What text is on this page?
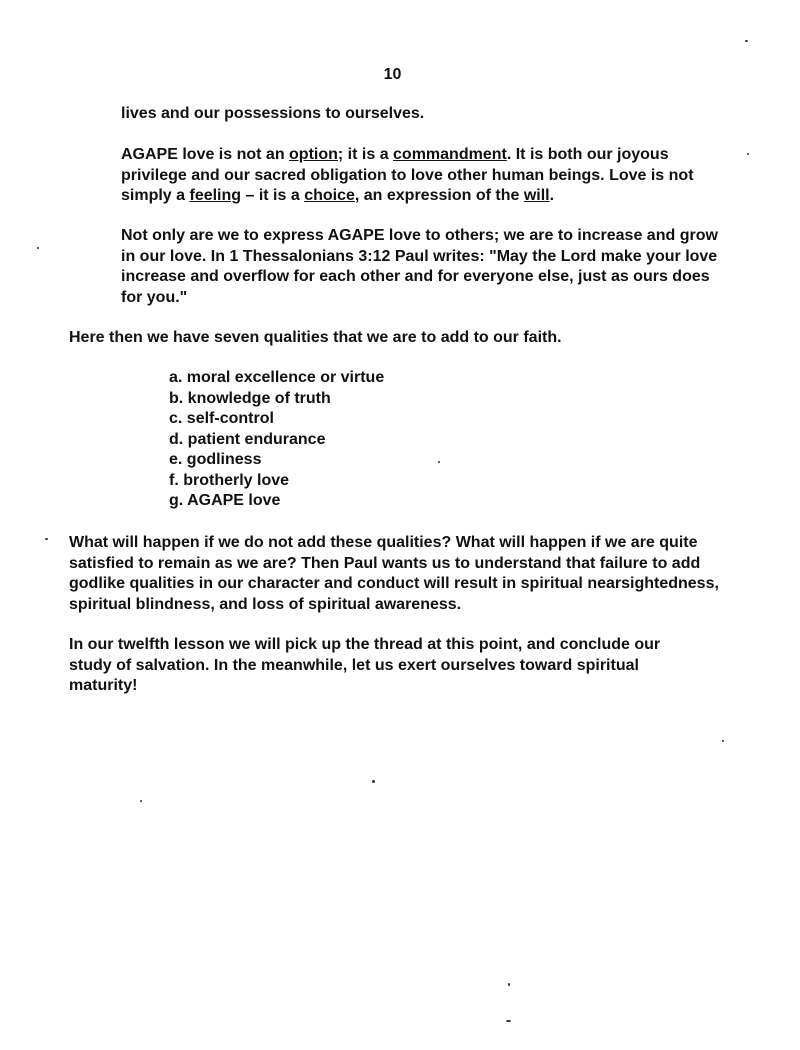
10

lives and our possessions to ourselves.

AGAPE love is not an option; it is a commandment. It is both our joyous privilege and our sacred obligation to love other human beings. Love is not simply a feeling – it is a choice, an expression of the will.

Not only are we to express AGAPE love to others; we are to increase and grow in our love. In 1 Thessalonians 3:12 Paul writes: "May the Lord make your love increase and overflow for each other and for everyone else, just as ours does for you."

Here then we have seven qualities that we are to add to our faith.

a. moral excellence or virtue
b. knowledge of truth
c. self-control
d. patient endurance
e. godliness
f. brotherly love
g. AGAPE love

What will happen if we do not add these qualities? What will happen if we are quite satisfied to remain as we are? Then Paul wants us to understand that failure to add godlike qualities in our character and conduct will result in spiritual nearsightedness, spiritual blindness, and loss of spiritual awareness.

In our twelfth lesson we will pick up the thread at this point, and conclude our study of salvation. In the meanwhile, let us exert ourselves toward spiritual maturity!
